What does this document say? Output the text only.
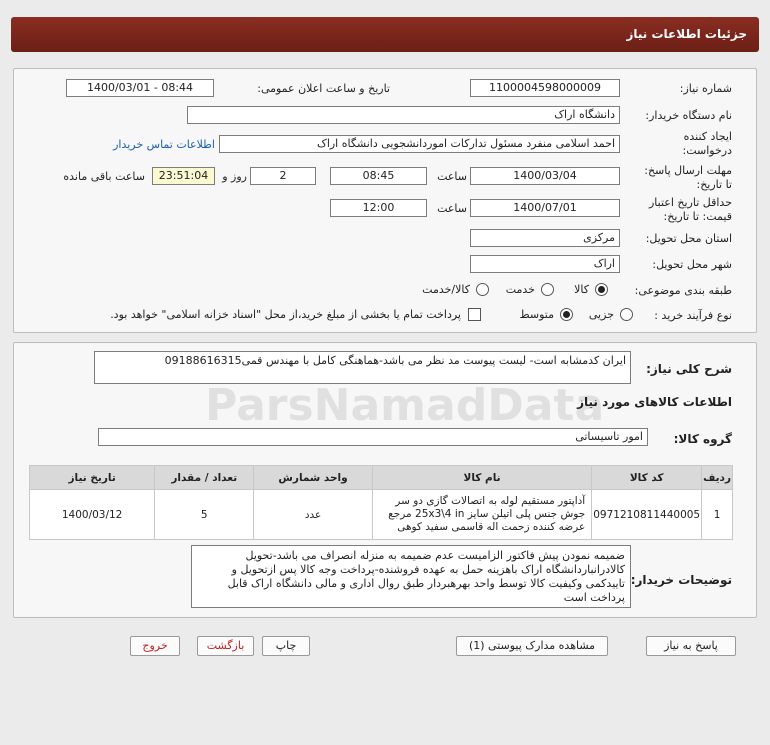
جزئیات اطلاعات نیاز
شماره نیاز:
1100004598000009
تاریخ و ساعت اعلان عمومی:
1400/03/01 - 08:44
نام دستگاه خریدار:
دانشگاه اراک
ایجاد کننده
درخواست:
احمد اسلامی منفرد مسئول تدارکات اموردانشجویی دانشگاه اراک
اطلاعات تماس خریدار
مهلت ارسال پاسخ:
تا تاریخ:
1400/03/04
ساعت
08:45
2
روز و
23:51:04
ساعت باقی مانده
حداقل تاریخ اعتبار
قیمت: تا تاریخ:
1400/07/01
ساعت
12:00
استان محل تحویل:
مرکزی
شهر محل تحویل:
اراک
طبقه بندی موضوعی:
کالا
خدمت
کالا/خدمت
نوع فرآیند خرید :
جزیی
متوسط
پرداخت تمام یا بخشی از مبلغ خرید،از محل "اسناد خزانه اسلامی" خواهد بود.
شرح کلی نیاز:
ایران کدمشابه است- لیست پیوست مد نظر می باشد-هماهنگی کامل با مهندس قمی09188616315
اطلاعات کالاهای مورد نیاز
گروه کالا:
امور تاسیساتی
ردیف	کد کالا	نام کالا	واحد شمارش	تعداد / مقدار	تاریخ نیاز
1	0971210811440005	آداپتور مستقیم لوله به اتصالات گازی دو سر جوش جنس پلی اتیلن سایز 25x3\4 in مرجع عرضه کننده زحمت اله قاسمی سفید کوهی	عدد	5	1400/03/12
توضیحات خریدار:
ضمیمه نمودن پیش فاکتور الزامیست عدم ضمیمه به منزله انصراف می باشد-تحویل کالادرانباردانشگاه اراک باهزینه حمل به عهده فروشنده-پرداخت وجه کالا پس ازتحویل و تاییدکمی وکیفیت کالا توسط واحد بهرهبردار طبق روال اداری و مالی دانشگاه اراک قابل پرداخت است
پاسخ به نیاز
مشاهده مدارک پیوستی (1)
چاپ
بازگشت
خروج
